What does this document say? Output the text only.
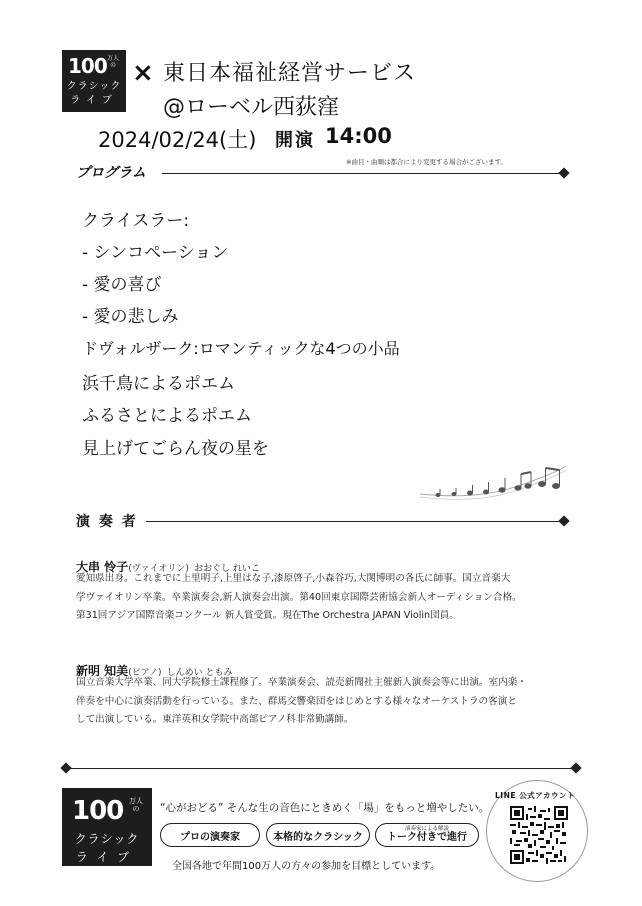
100 万人の
クラシック
ライブ
× 東日本福祉経営サービス
@ローベル西荻窪
2024/02/24(土) 開演 14:00
※曲目・曲順は都合により変更する場合がございます。
プログラム
クライスラー:
- シンコペーション
- 愛の喜び
- 愛の悲しみ
ドヴォルザーク:ロマンティックな4つの小品
浜千鳥によるポエム
ふるさとによるポエム
見上げてごらん夜の星を
演 奏 者
大串 怜子(ヴァイオリン) おおぐし れいこ
愛知県出身。これまでに上里明子,上里はな子,漆原啓子,小森谷巧,大関博明の各氏に師事。国立音楽大
学ヴァイオリン卒業。卒業演奏会,新人演奏会出演。第40回東京国際芸術協会新人オーディション合格。
第31回アジア国際音楽コンクール 新人賞受賞。現在The Orchestra JAPAN Violin団員。
新明 知美(ピアノ) しんめい ともみ
国立音楽大学卒業、同大学院修士課程修了。卒業演奏会、読売新聞社主催新人演奏会等に出演。室内楽・
伴奏を中心に演奏活動を行っている。また、群馬交響楽団をはじめとする様々なオーケストラの客演と
して出演している。東洋英和女学院中高部ピアノ科非常勤講師。
100 万人の
クラシック
ライブ
“心がおどる” そんな生の音色にときめく「場」をもっと増やしたい。
プロの演奏家	本格的なクラシック
演奏家による解説
トーク付きで進行
全国各地で年間100万人の方々の参加を目標としています。
LINE 公式アカウント
